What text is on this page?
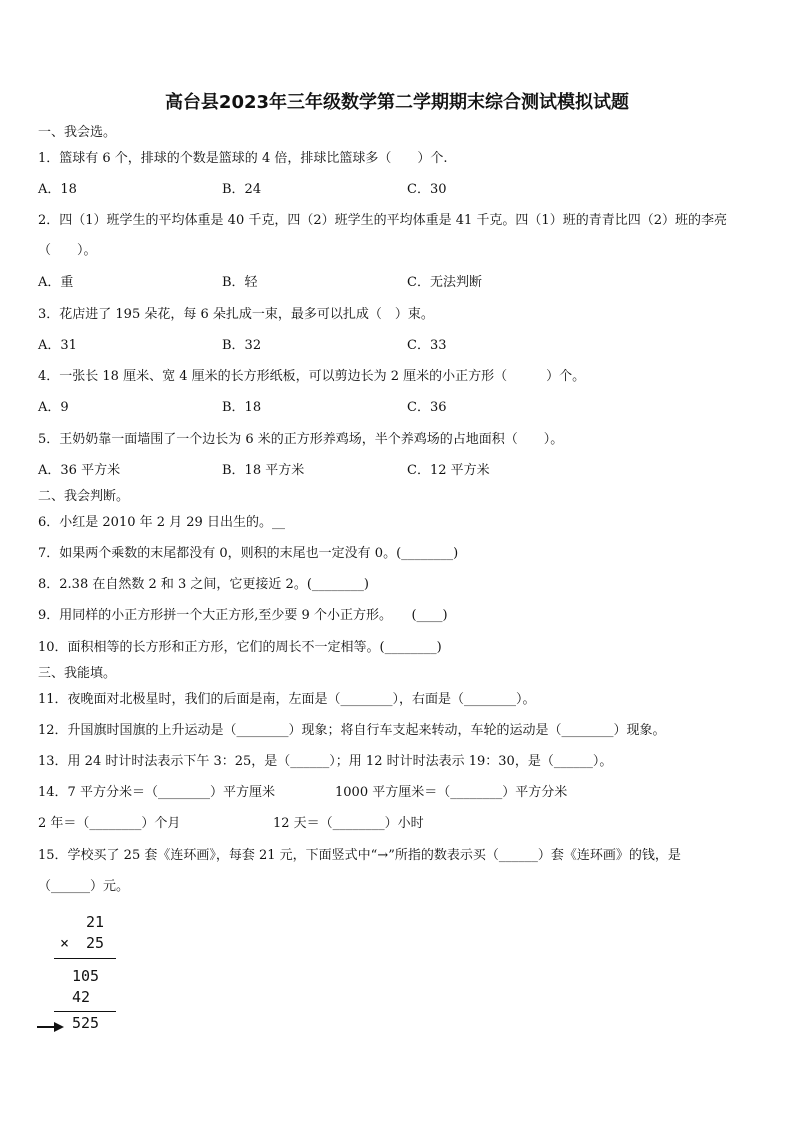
高台县2023年三年级数学第二学期期末综合测试模拟试题
一、我会选。
1．篮球有 6 个，排球的个数是篮球的 4 倍，排球比篮球多（　　）个.
A．18	B．24	C．30
2．四（1）班学生的平均体重是 40 千克，四（2）班学生的平均体重是 41 千克。四（1）班的青青比四（2）班的李亮
（　　）。
A．重	B．轻	C．无法判断
3．花店进了 195 朵花，每 6 朵扎成一束，最多可以扎成（　）束。
A．31	B．32	C．33
4．一张长 18 厘米、宽 4 厘米的长方形纸板，可以剪边长为 2 厘米的小正方形（　　　）个。
A．9	B．18	C．36
5．王奶奶靠一面墙围了一个边长为 6 米的正方形养鸡场，半个养鸡场的占地面积（　　）。
A．36 平方米	B．18 平方米	C．12 平方米
二、我会判断。
6．小红是 2010 年 2 月 29 日出生的。__
7．如果两个乘数的末尾都没有 0，则积的末尾也一定没有 0。(________)
8．2.38 在自然数 2 和 3 之间，它更接近 2。(________)
9．用同样的小正方形拼一个大正方形,至少要 9 个小正方形。　　(____)
10．面积相等的长方形和正方形，它们的周长不一定相等。(________)
三、我能填。
11．夜晚面对北极星时，我们的后面是南，左面是（________），右面是（________）。
12．升国旗时国旗的上升运动是（________）现象；将自行车支起来转动，车轮的运动是（________）现象。
13．用 24 时计时法表示下午 3：25，是（______）；用 12 时计时法表示 19：30，是（______）。
14．7 平方分米＝（________）平方厘米	1000 平方厘米＝（________）平方分米
2 年＝（________）个月	12 天＝（________）小时
15．学校买了 25 套《连环画》，每套 21 元，下面竖式中“→”所指的数表示买（______）套《连环画》的钱，是
（______）元。
21
× 25
105
42
525
